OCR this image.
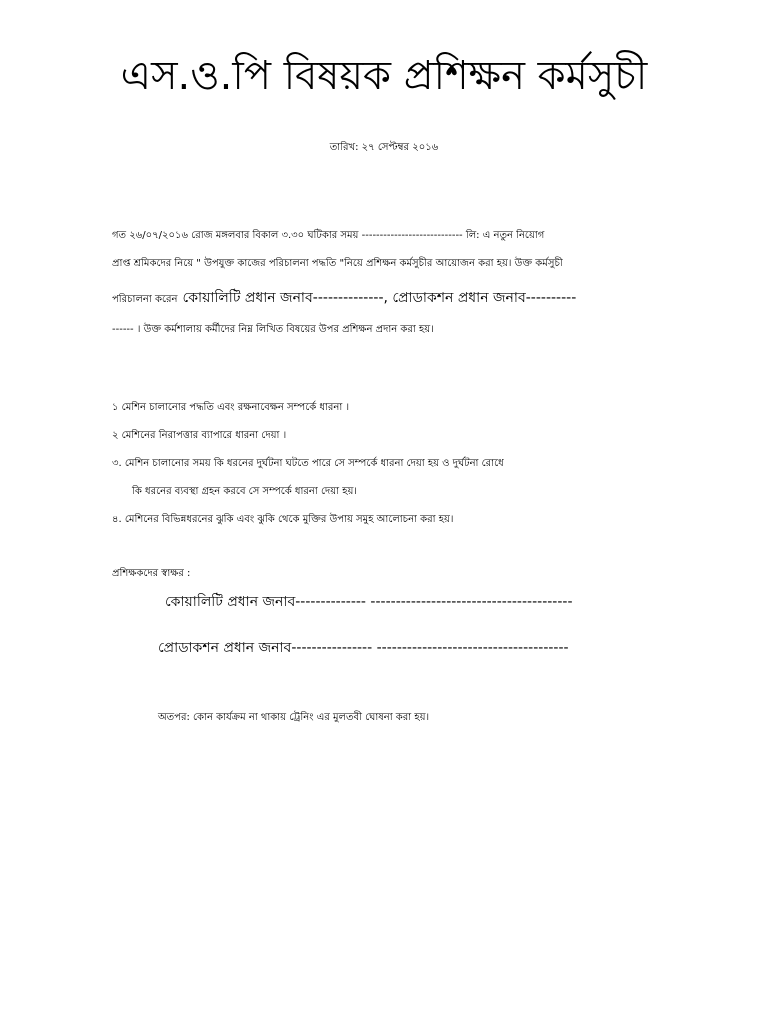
এস.ও.পি বিষয়ক প্রশিক্ষন কর্মসুচী
তারিখ: ২৭ সেপ্টম্বর ২০১৬
গত ২৬/০৭/২০১৬ রোজ মঙ্গলবার বিকাল ৩.৩০ ঘটিকার সময় ---------------------------- লি: এ নতুন নিয়োগ
প্রাপ্ত শ্রমিকদের নিয়ে " উপযুক্ত কাজের পরিচালনা পদ্ধতি "নিয়ে প্রশিক্ষন কর্মসুচীর আয়োজন করা হয়। উক্ত কর্মসুচী
পরিচালনা করেন কোয়ালিটি প্রধান জনাব--------------, প্রোডাকশন প্রধান জনাব----------
------ । উক্ত কর্মশালায় কর্মীদের নিম্ন লিখিত বিষয়ের উপর প্রশিক্ষন প্রদান করা হয়।
১ মেশিন চালানোর পদ্ধতি এবং রক্ষনাবেক্ষন সম্পর্কে ধারনা ।
২ মেশিনের নিরাপত্তার ব্যাপারে ধারনা দেয়া ।
৩. মেশিন চালানোর সময় কি ধরনের দুর্ঘটনা ঘটতে পারে সে সম্পর্কে ধারনা দেয়া হয় ও দুর্ঘটনা রোধে
কি ধরনের ব্যবস্থা গ্রহন করবে সে সম্পর্কে ধারনা দেয়া হয়।
৪. মেশিনের বিভিন্নধরনের ঝুকি এবং ঝুকি থেকে মুক্তির উপায় সমুহ আলোচনা করা হয়।
প্রশিক্ষকদের স্বাক্ষর :
কোয়ালিটি প্রধান জনাব-------------- ----------------------------------------
প্রোডাকশন প্রধান জনাব---------------- --------------------------------------
অতপর: কোন কার্যক্রম না থাকায় ট্রেনিং এর মুলতবী ঘোষনা করা হয়।
